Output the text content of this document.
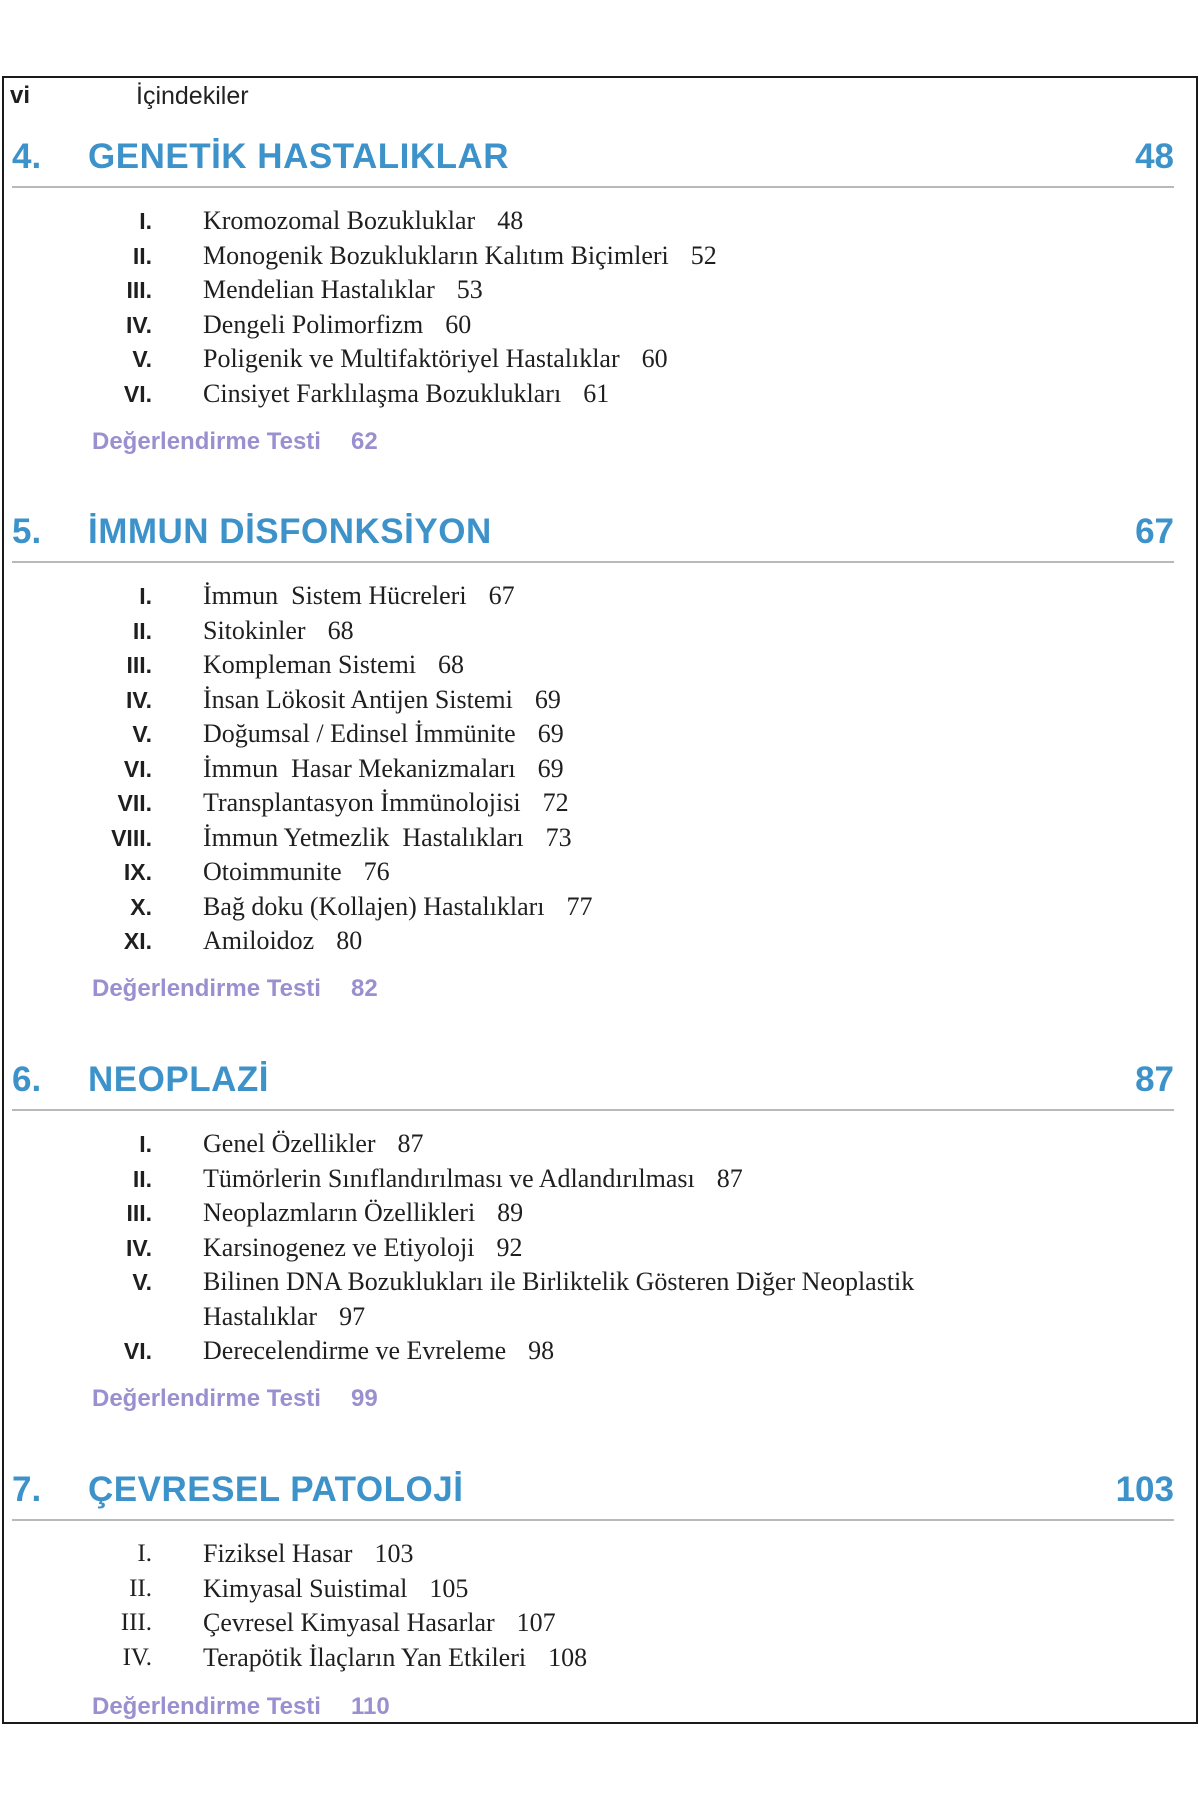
vi	İçindekiler
4. GENETİK HASTALIKLAR	48
I. Kromozomal Bozukluklar 48
II. Monogenik Bozuklukların Kalıtım Biçimleri 52
III. Mendelian Hastalıklar 53
IV. Dengeli Polimorfizm 60
V. Poligenik ve Multifaktöriyel Hastalıklar 60
VI. Cinsiyet Farklılaşma Bozuklukları 61
Değerlendirme Testi 62
5. İMMUN DİSFONKSİYON	67
I. İmmun  Sistem Hücreleri 67
II. Sitokinler 68
III. Kompleman Sistemi 68
IV. İnsan Lökosit Antijen Sistemi 69
V. Doğumsal / Edinsel İmmünite 69
VI. İmmun  Hasar Mekanizmaları 69
VII. Transplantasyon İmmünolojisi 72
VIII. İmmun Yetmezlik  Hastalıkları 73
IX. Otoimmunite 76
X. Bağ doku (Kollajen) Hastalıkları 77
XI. Amiloidoz 80
Değerlendirme Testi 82
6. NEOPLAZİ	87
I. Genel Özellikler 87
II. Tümörlerin Sınıflandırılması ve Adlandırılması 87
III. Neoplazmların Özellikleri 89
IV. Karsinogenez ve Etiyoloji 92
V. Bilinen DNA Bozuklukları ile Birliktelik Gösteren Diğer Neoplastik Hastalıklar 97
VI. Derecelendirme ve Evreleme 98
Değerlendirme Testi 99
7. ÇEVRESEL PATOLOJİ	103
I. Fiziksel Hasar 103
II. Kimyasal Suistimal 105
III. Çevresel Kimyasal Hasarlar 107
IV. Terapötik İlaçların Yan Etkileri 108
Değerlendirme Testi 110
